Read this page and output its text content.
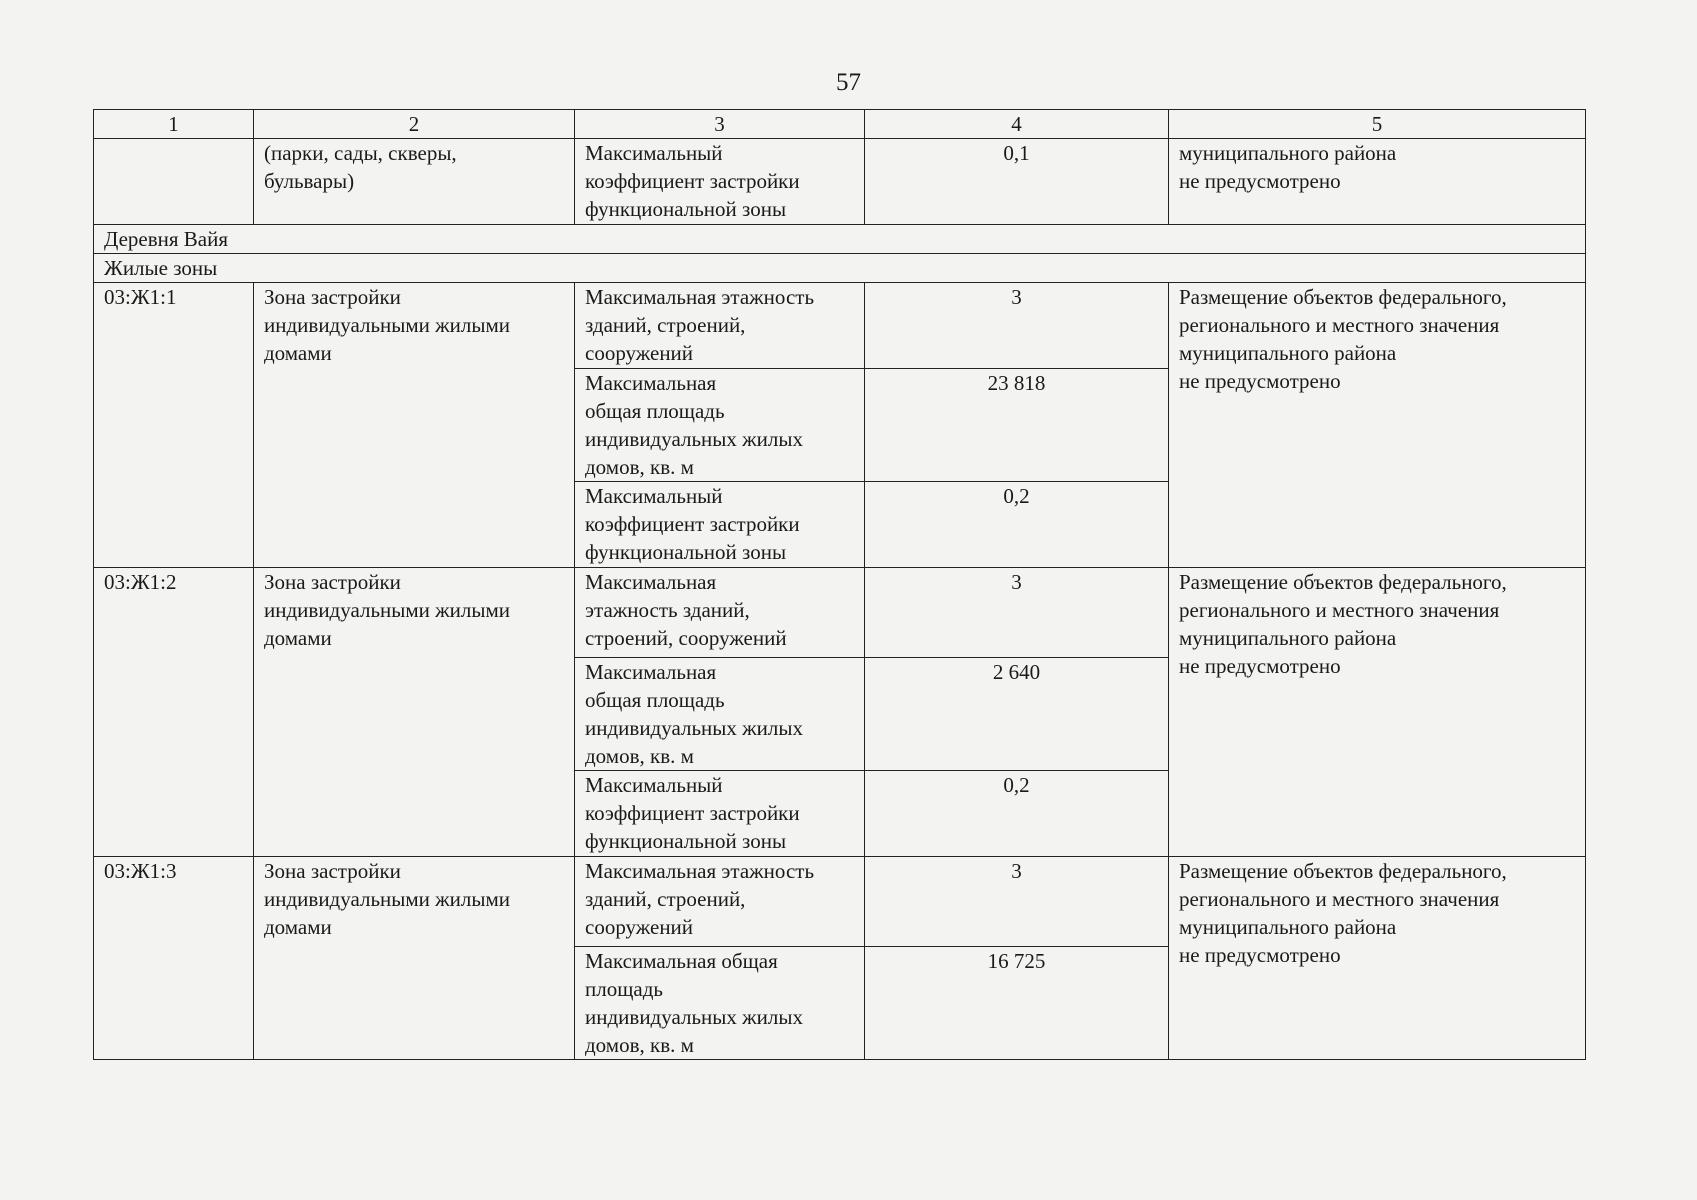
57
1	2	3	4	5
	(парки, сады, скверы,
бульвары)	Максимальный
коэффициент застройки
функциональной зоны	0,1	муниципального района
не предусмотрено
Деревня Вайя				
Жилые зоны				
03:Ж1:1	Зона застройки
индивидуальными жилыми
домами	Максимальная этажность
зданий, строений,
сооружений	3	Размещение объектов федерального,
регионального и местного значения
муниципального района
не предусмотрено
		Максимальная
общая площадь
индивидуальных жилых
домов, кв. м	23 818	
		Максимальный
коэффициент застройки
функциональной зоны	0,2	
03:Ж1:2	Зона застройки
индивидуальными жилыми
домами	Максимальная
этажность зданий,
строений, сооружений	3	Размещение объектов федерального,
регионального и местного значения
муниципального района
не предусмотрено
		Максимальная
общая площадь
индивидуальных жилых
домов, кв. м	2 640	
		Максимальный
коэффициент застройки
функциональной зоны	0,2	
03:Ж1:3	Зона застройки
индивидуальными жилыми
домами	Максимальная этажность
зданий, строений,
сооружений	3	Размещение объектов федерального,
регионального и местного значения
муниципального района
не предусмотрено
		Максимальная общая
площадь
индивидуальных жилых
домов, кв. м	16 725	
